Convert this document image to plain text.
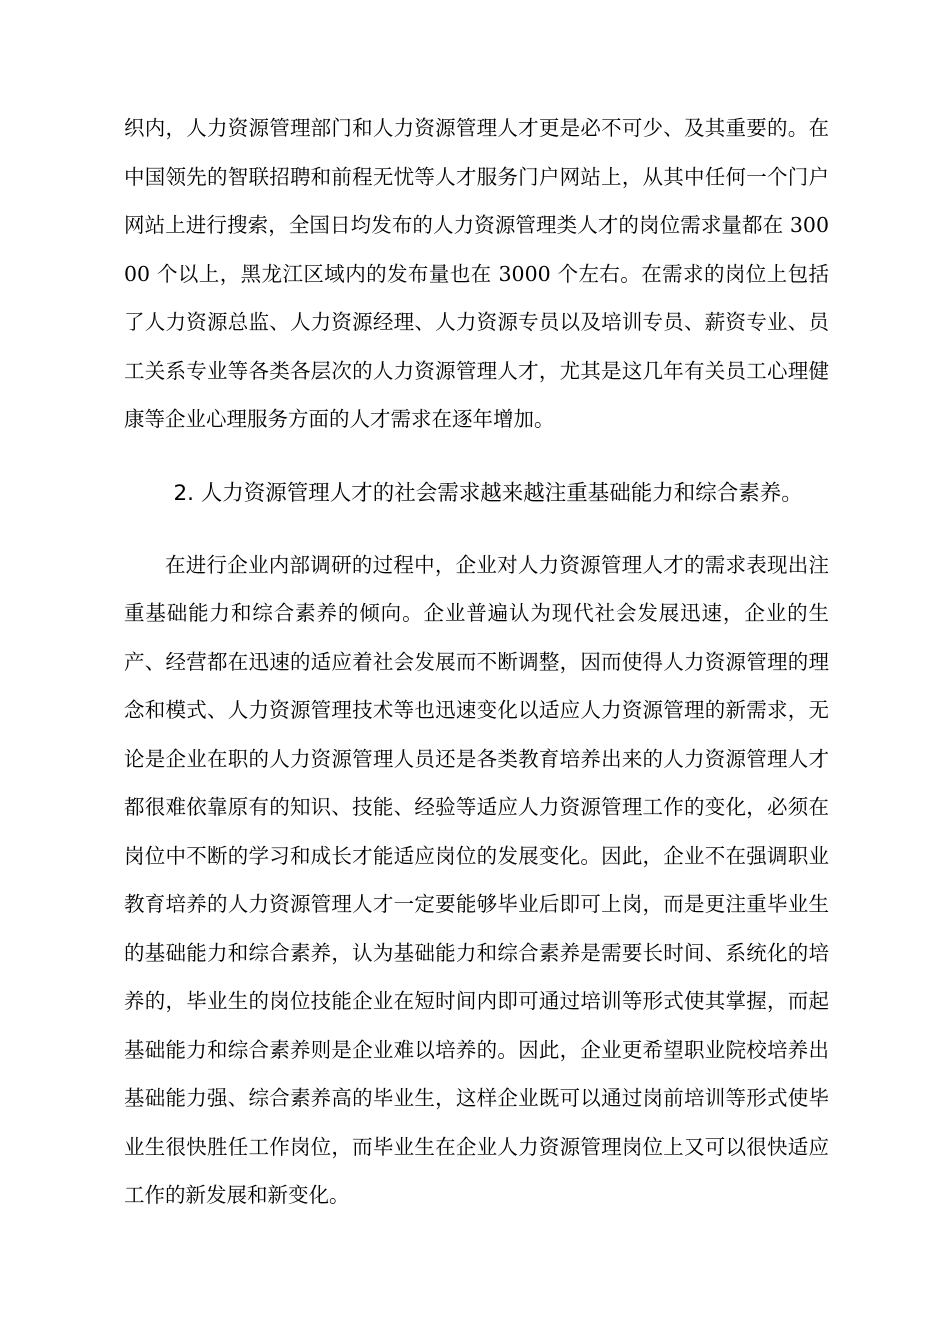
织内，人力资源管理部门和人力资源管理人才更是必不可少、及其重要的。在中国领先的智联招聘和前程无忧等人才服务门户网站上，从其中任何一个门户网站上进行搜索，全国日均发布的人力资源管理类人才的岗位需求量都在 30000 个以上，黑龙江区域内的发布量也在 3000 个左右。在需求的岗位上包括了人力资源总监、人力资源经理、人力资源专员以及培训专员、薪资专业、员工关系专业等各类各层次的人力资源管理人才，尤其是这几年有关员工心理健康等企业心理服务方面的人才需求在逐年增加。

2. 人力资源管理人才的社会需求越来越注重基础能力和综合素养。

在进行企业内部调研的过程中，企业对人力资源管理人才的需求表现出注重基础能力和综合素养的倾向。企业普遍认为现代社会发展迅速，企业的生产、经营都在迅速的适应着社会发展而不断调整，因而使得人力资源管理的理念和模式、人力资源管理技术等也迅速变化以适应人力资源管理的新需求，无论是企业在职的人力资源管理人员还是各类教育培养出来的人力资源管理人才都很难依靠原有的知识、技能、经验等适应人力资源管理工作的变化，必须在岗位中不断的学习和成长才能适应岗位的发展变化。因此，企业不在强调职业教育培养的人力资源管理人才一定要能够毕业后即可上岗，而是更注重毕业生的基础能力和综合素养，认为基础能力和综合素养是需要长时间、系统化的培养的，毕业生的岗位技能企业在短时间内即可通过培训等形式使其掌握，而起基础能力和综合素养则是企业难以培养的。因此，企业更希望职业院校培养出基础能力强、综合素养高的毕业生，这样企业既可以通过岗前培训等形式使毕业生很快胜任工作岗位，而毕业生在企业人力资源管理岗位上又可以很快适应工作的新发展和新变化。
